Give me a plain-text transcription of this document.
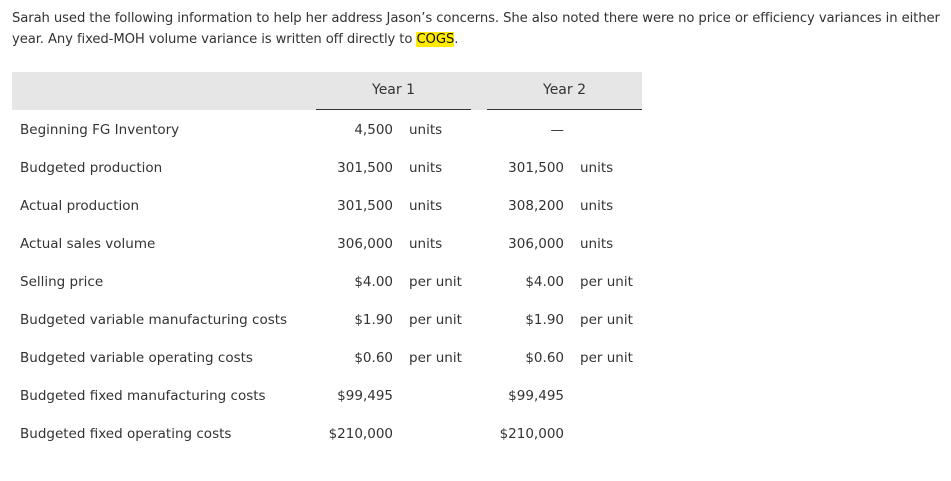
Sarah used the following information to help her address Jason’s concerns. She also noted there were no price or efficiency variances in either year. Any fixed-MOH volume variance is written off directly to COGS.
Year 1	Year 2
Beginning FG Inventory	4,500 units	—
Budgeted production	301,500 units	301,500 units
Actual production	301,500 units	308,200 units
Actual sales volume	306,000 units	306,000 units
Selling price	$4.00 per unit	$4.00 per unit
Budgeted variable manufacturing costs	$1.90 per unit	$1.90 per unit
Budgeted variable operating costs	$0.60 per unit	$0.60 per unit
Budgeted fixed manufacturing costs	$99,495	$99,495
Budgeted fixed operating costs	$210,000	$210,000
